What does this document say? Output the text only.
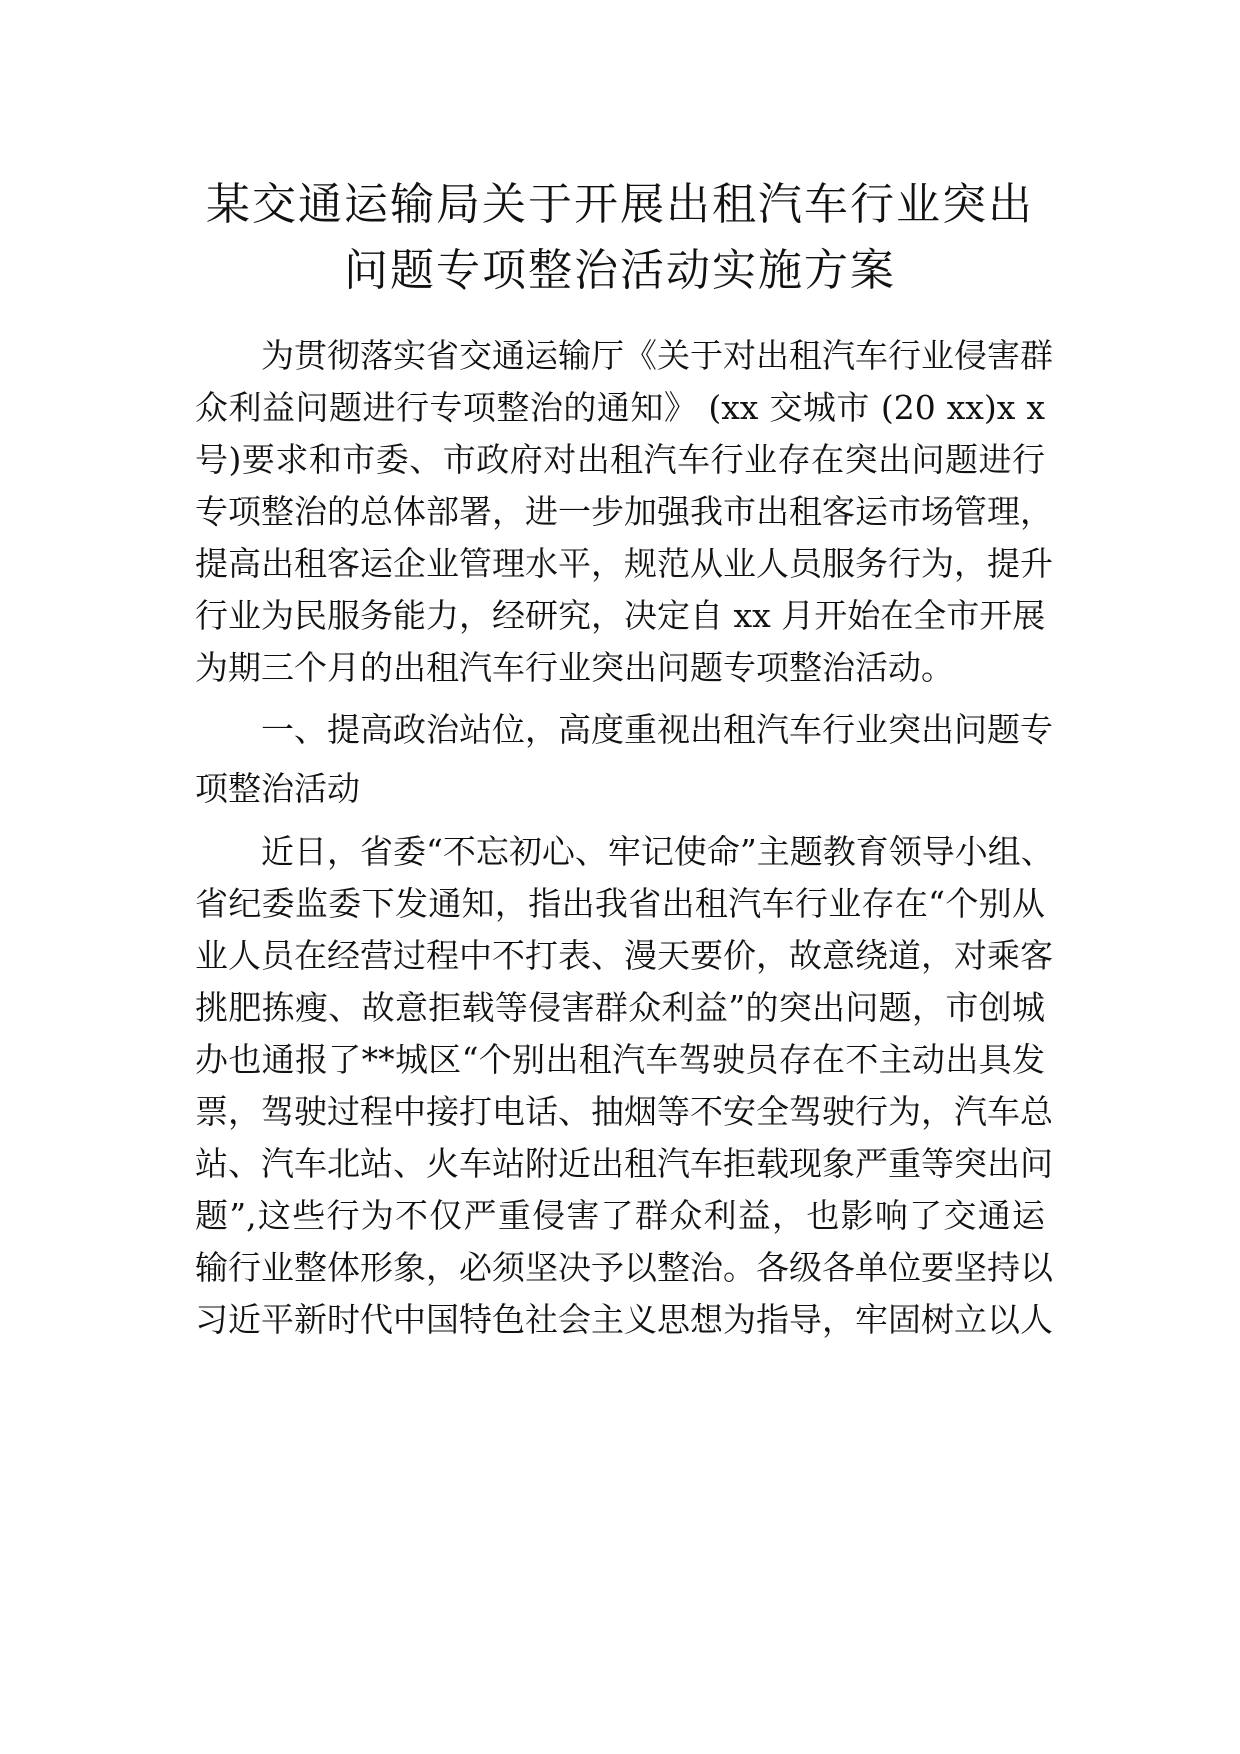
某交通运输局关于开展出租汽车行业突出
问题专项整治活动实施方案

为贯彻落实省交通运输厅《关于对出租汽车行业侵害群

众利益问题进行专项整治的通知》 (xx 交城市 (20 xx)x x

号)要求和市委、市政府对出租汽车行业存在突出问题进行

专项整治的总体部署，进一步加强我市出租客运市场管理，

提高出租客运企业管理水平，规范从业人员服务行为，提升

行业为民服务能力，经研究，决定自 xx 月开始在全市开展

为期三个月的出租汽车行业突出问题专项整治活动。

一、提高政治站位，高度重视出租汽车行业突出问题专

项整治活动

近日，省委“不忘初心、牢记使命”主题教育领导小组、

省纪委监委下发通知，指出我省出租汽车行业存在“个别从

业人员在经营过程中不打表、漫天要价，故意绕道，对乘客

挑肥拣瘦、故意拒载等侵害群众利益”的突出问题，市创城

办也通报了**城区“个别出租汽车驾驶员存在不主动出具发

票，驾驶过程中接打电话、抽烟等不安全驾驶行为，汽车总

站、汽车北站、火车站附近出租汽车拒载现象严重等突出问

题”,这些行为不仅严重侵害了群众利益，也影响了交通运

输行业整体形象，必须坚决予以整治。各级各单位要坚持以

习近平新时代中国特色社会主义思想为指导，牢固树立以人
